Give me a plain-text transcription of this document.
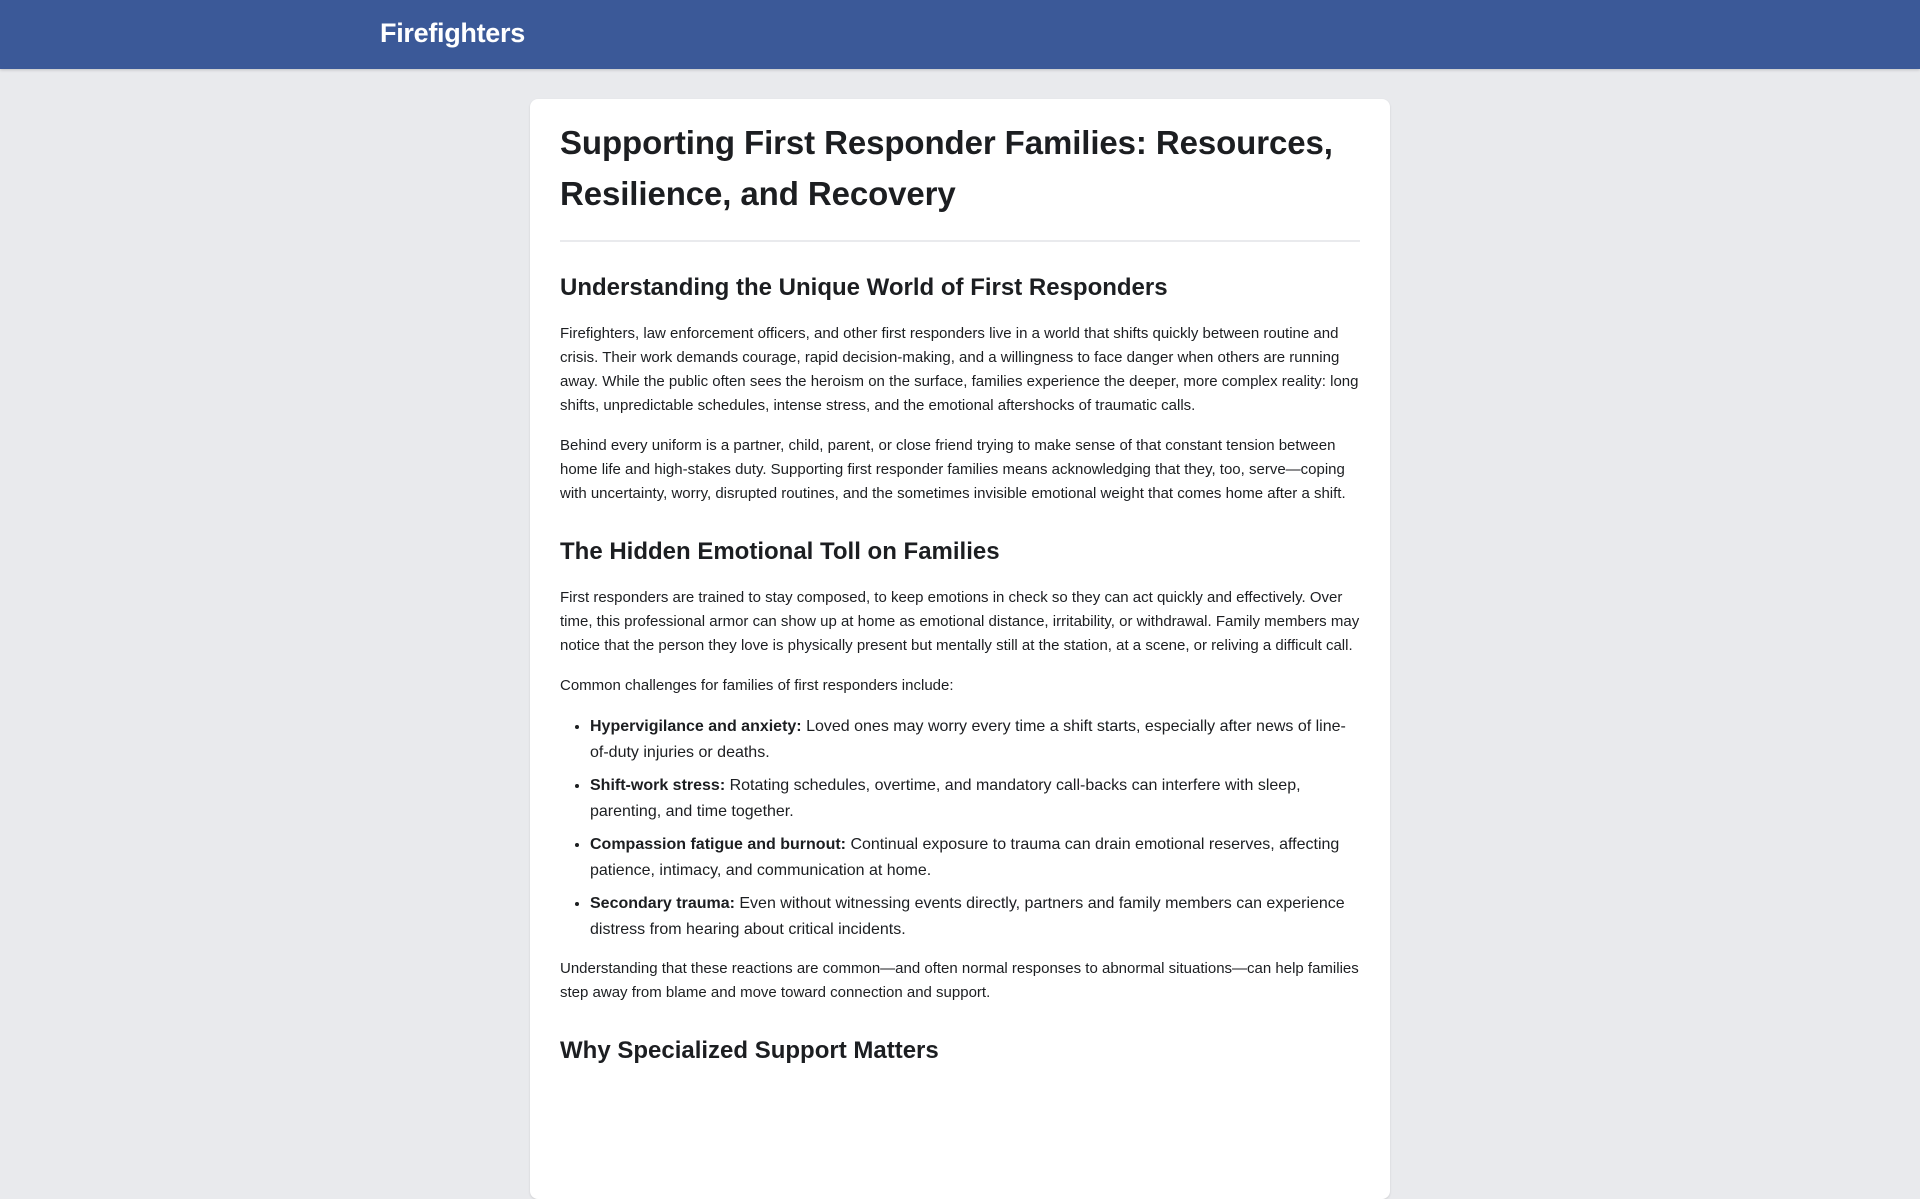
Firefighters
Supporting First Responder Families: Resources, Resilience, and Recovery
Understanding the Unique World of First Responders

Firefighters, law enforcement officers, and other first responders live in a world that shifts quickly between routine and crisis. Their work demands courage, rapid decision-making, and a willingness to face danger when others are running away. While the public often sees the heroism on the surface, families experience the deeper, more complex reality: long shifts, unpredictable schedules, intense stress, and the emotional aftershocks of traumatic calls.

Behind every uniform is a partner, child, parent, or close friend trying to make sense of that constant tension between home life and high-stakes duty. Supporting first responder families means acknowledging that they, too, serve—coping with uncertainty, worry, disrupted routines, and the sometimes invisible emotional weight that comes home after a shift.

The Hidden Emotional Toll on Families

First responders are trained to stay composed, to keep emotions in check so they can act quickly and effectively. Over time, this professional armor can show up at home as emotional distance, irritability, or withdrawal. Family members may notice that the person they love is physically present but mentally still at the station, at a scene, or reliving a difficult call.

Common challenges for families of first responders include:

• Hypervigilance and anxiety: Loved ones may worry every time a shift starts, especially after news of line-of-duty injuries or deaths.
• Shift-work stress: Rotating schedules, overtime, and mandatory call-backs can interfere with sleep, parenting, and time together.
• Compassion fatigue and burnout: Continual exposure to trauma can drain emotional reserves, affecting patience, intimacy, and communication at home.
• Secondary trauma: Even without witnessing events directly, partners and family members can experience distress from hearing about critical incidents.

Understanding that these reactions are common—and often normal responses to abnormal situations—can help families step away from blame and move toward connection and support.

Why Specialized Support Matters
